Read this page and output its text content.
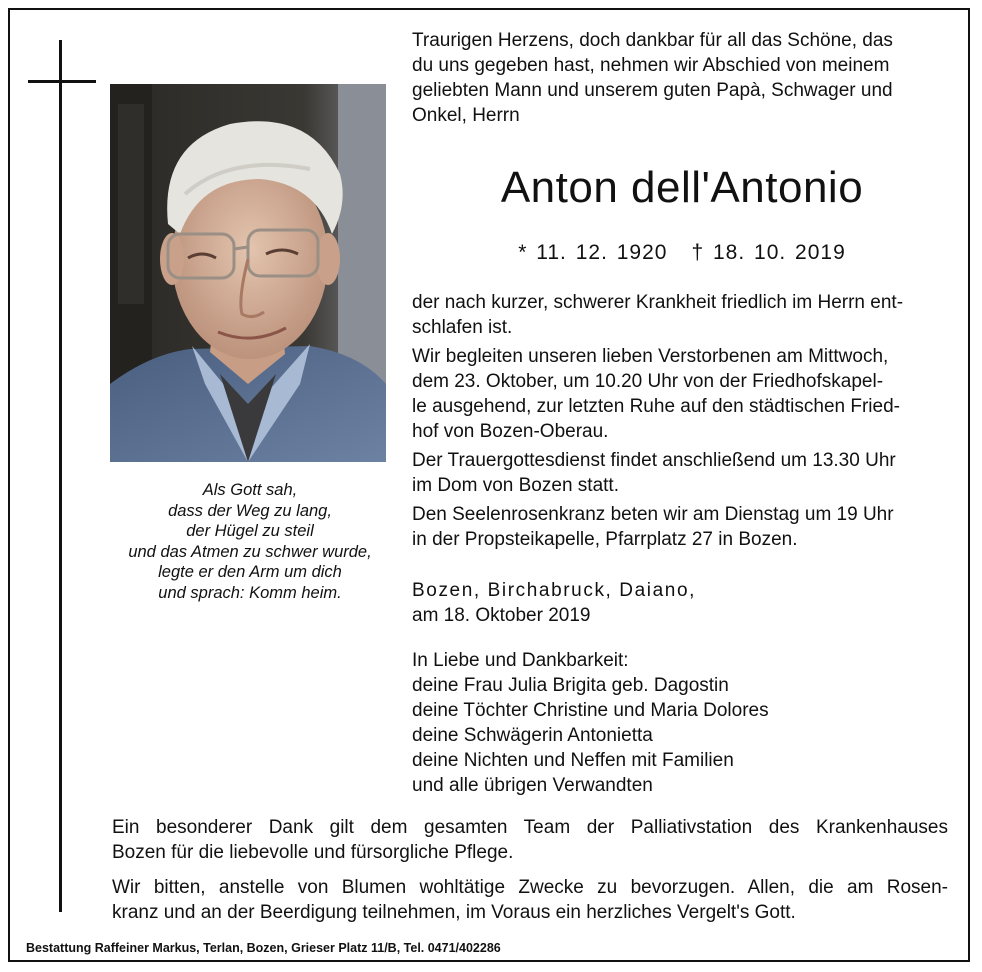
Als Gott sah,
dass der Weg zu lang,
der Hügel zu steil
und das Atmen zu schwer wurde,
legte er den Arm um dich
und sprach: Komm heim.
Traurigen Herzens, doch dankbar für all das Schöne, das
du uns gegeben hast, nehmen wir Abschied von meinem
geliebten Mann und unserem guten Papà, Schwager und
Onkel, Herrn
Anton dell'Antonio
* 11. 12. 1920 † 18. 10. 2019
der nach kurzer, schwerer Krankheit friedlich im Herrn ent-
schlafen ist.
Wir begleiten unseren lieben Verstorbenen am Mittwoch,
dem 23. Oktober, um 10.20 Uhr von der Friedhofskapel-
le ausgehend, zur letzten Ruhe auf den städtischen Fried-
hof von Bozen-Oberau.
Der Trauergottesdienst findet anschließend um 13.30 Uhr
im Dom von Bozen statt.
Den Seelenrosenkranz beten wir am Dienstag um 19 Uhr
in der Propsteikapelle, Pfarrplatz 27 in Bozen.
Bozen, Birchabruck, Daiano,
am 18. Oktober 2019
In Liebe und Dankbarkeit:
deine Frau Julia Brigita geb. Dagostin
deine Töchter Christine und Maria Dolores
deine Schwägerin Antonietta
deine Nichten und Neffen mit Familien
und alle übrigen Verwandten
Ein besonderer Dank gilt dem gesamten Team der Palliativstation des Krankenhauses
Bozen für die liebevolle und fürsorgliche Pflege.
Wir bitten, anstelle von Blumen wohltätige Zwecke zu bevorzugen. Allen, die am Rosen-
kranz und an der Beerdigung teilnehmen, im Voraus ein herzliches Vergelt's Gott.
Bestattung Raffeiner Markus, Terlan, Bozen, Grieser Platz 11/B, Tel. 0471/402286
